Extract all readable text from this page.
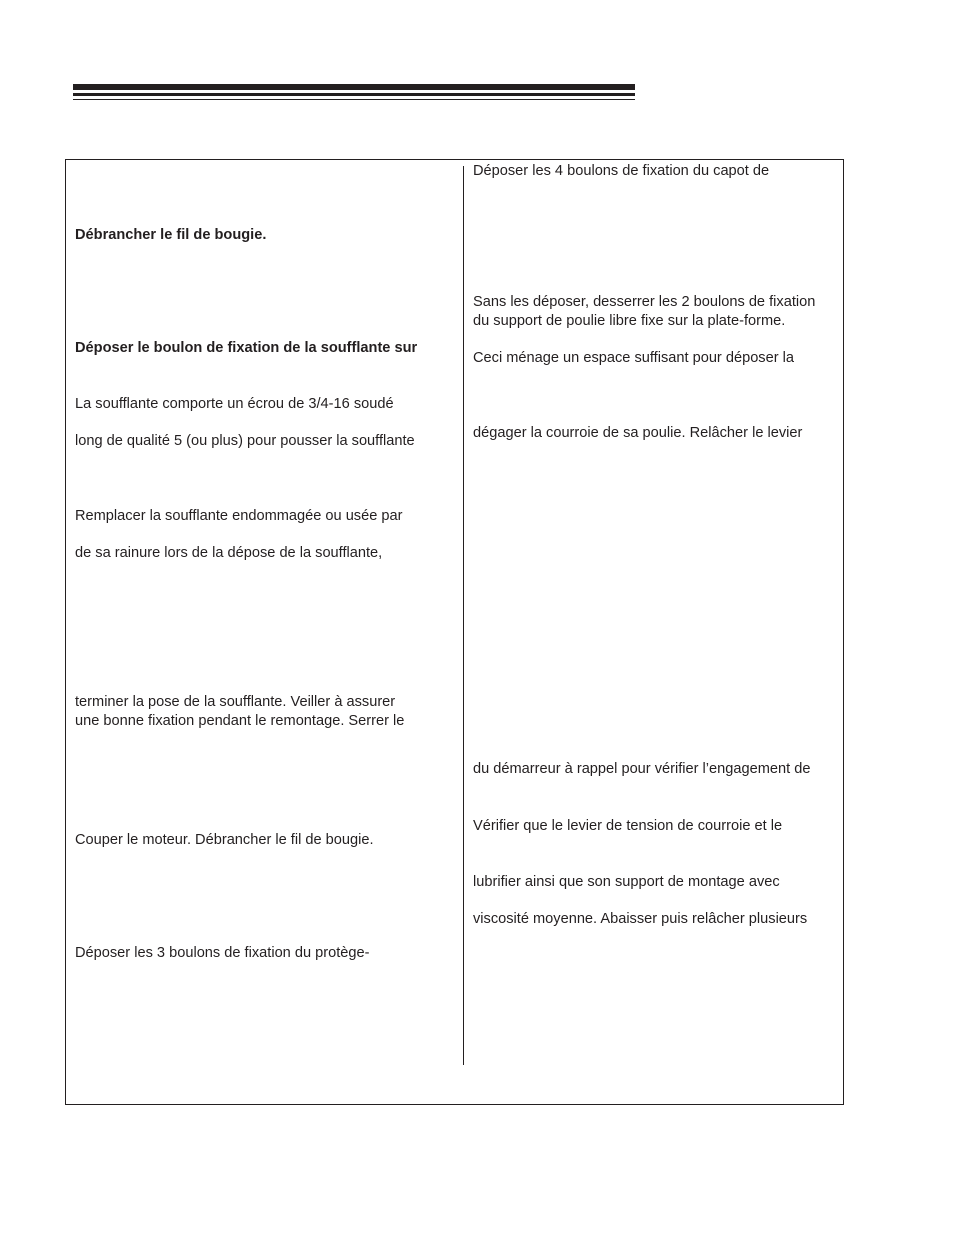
Débrancher le fil de bougie.

Déposer le boulon de fixation de la soufflante sur

La soufflante comporte un écrou de 3/4-16 soudé

long de qualité 5 (ou plus) pour pousser la soufflante

Remplacer la soufflante endommagée ou usée par

de sa rainure lors de la dépose de la soufflante,

terminer la pose de la soufflante. Veiller à assurer

une bonne fixation pendant le remontage. Serrer le

Couper le moteur. Débrancher le fil de bougie.

Déposer les 3 boulons de fixation du protège-

Déposer les 4 boulons de fixation du capot de

Sans les déposer, desserrer les 2 boulons de fixation

du support de poulie libre fixe sur la plate-forme.

Ceci ménage un espace suffisant pour déposer la

dégager la courroie de sa poulie. Relâcher le levier

du démarreur à rappel pour vérifier l’engagement de

Vérifier que le levier de tension de courroie et le

lubrifier ainsi que son support de montage avec

viscosité moyenne. Abaisser puis relâcher plusieurs
